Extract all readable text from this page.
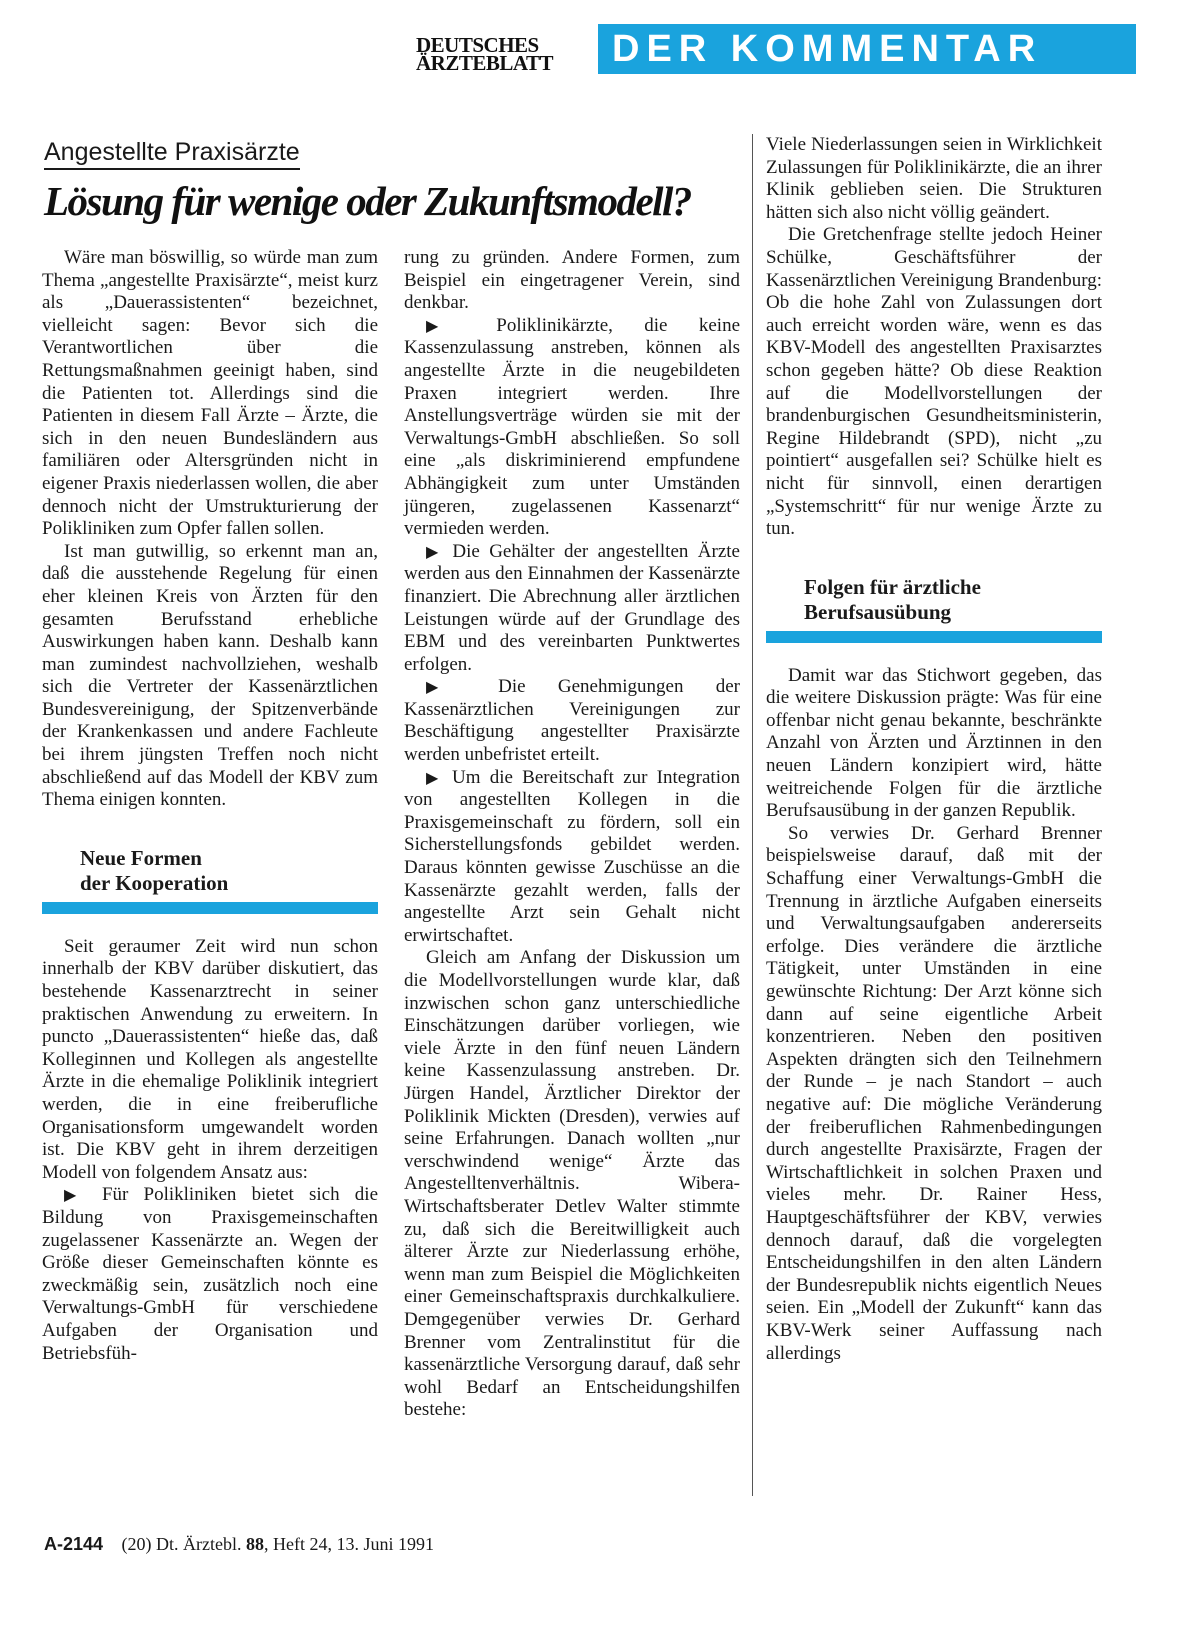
DEUTSCHES
ÄRZTEBLATT	DER KOMMENTAR
Angestellte Praxisärzte
Lösung für wenige oder Zukunftsmodell?

Wäre man böswillig, so würde man zum Thema „angestellte Praxisärzte“, meist kurz als „Dauerassistenten“ bezeichnet, vielleicht sagen: Bevor sich die Verantwortlichen über die Rettungsmaßnahmen geeinigt haben, sind die Patienten tot. Allerdings sind die Patienten in diesem Fall Ärzte – Ärzte, die sich in den neuen Bundesländern aus familiären oder Altersgründen nicht in eigener Praxis niederlassen wollen, die aber dennoch nicht der Umstrukturierung der Polikliniken zum Opfer fallen sollen.

Ist man gutwillig, so erkennt man an, daß die ausstehende Regelung für einen eher kleinen Kreis von Ärzten für den gesamten Berufsstand erhebliche Auswirkungen haben kann. Deshalb kann man zumindest nachvollziehen, weshalb sich die Vertreter der Kassenärztlichen Bundesvereinigung, der Spitzenverbände der Krankenkassen und andere Fachleute bei ihrem jüngsten Treffen noch nicht abschließend auf das Modell der KBV zum Thema einigen konnten.

Neue Formen
der Kooperation

Seit geraumer Zeit wird nun schon innerhalb der KBV darüber diskutiert, das bestehende Kassenarztrecht in seiner praktischen Anwendung zu erweitern. In puncto „Dauerassistenten“ hieße das, daß Kolleginnen und Kollegen als angestellte Ärzte in die ehemalige Poliklinik integriert werden, die in eine freiberufliche Organisationsform umgewandelt worden ist. Die KBV geht in ihrem derzeitigen Modell von folgendem Ansatz aus:

▶ Für Polikliniken bietet sich die Bildung von Praxisgemeinschaften zugelassener Kassenärzte an. Wegen der Größe dieser Gemeinschaften könnte es zweckmäßig sein, zusätzlich noch eine Verwaltungs-GmbH für verschiedene Aufgaben der Organisation und Betriebsfüh-

rung zu gründen. Andere Formen, zum Beispiel ein eingetragener Verein, sind denkbar.

▶ Poliklinikärzte, die keine Kassenzulassung anstreben, können als angestellte Ärzte in die neugebildeten Praxen integriert werden. Ihre Anstellungsverträge würden sie mit der Verwaltungs-GmbH abschließen. So soll eine „als diskriminierend empfundene Abhängigkeit zum unter Umständen jüngeren, zugelassenen Kassenarzt“ vermieden werden.

▶ Die Gehälter der angestellten Ärzte werden aus den Einnahmen der Kassenärzte finanziert. Die Abrechnung aller ärztlichen Leistungen würde auf der Grundlage des EBM und des vereinbarten Punktwertes erfolgen.

▶ Die Genehmigungen der Kassenärztlichen Vereinigungen zur Beschäftigung angestellter Praxisärzte werden unbefristet erteilt.

▶ Um die Bereitschaft zur Integration von angestellten Kollegen in die Praxisgemeinschaft zu fördern, soll ein Sicherstellungsfonds gebildet werden. Daraus könnten gewisse Zuschüsse an die Kassenärzte gezahlt werden, falls der angestellte Arzt sein Gehalt nicht erwirtschaftet.

Gleich am Anfang der Diskussion um die Modellvorstellungen wurde klar, daß inzwischen schon ganz unterschiedliche Einschätzungen darüber vorliegen, wie viele Ärzte in den fünf neuen Ländern keine Kassenzulassung anstreben. Dr. Jürgen Handel, Ärztlicher Direktor der Poliklinik Mickten (Dresden), verwies auf seine Erfahrungen. Danach wollten „nur verschwindend wenige“ Ärzte das Angestelltenverhältnis. Wibera-Wirtschaftsberater Detlev Walter stimmte zu, daß sich die Bereitwilligkeit auch älterer Ärzte zur Niederlassung erhöhe, wenn man zum Beispiel die Möglichkeiten einer Gemeinschaftspraxis durchkalkuliere. Demgegenüber verwies Dr. Gerhard Brenner vom Zentralinstitut für die kassenärztliche Versorgung darauf, daß sehr wohl Bedarf an Entscheidungshilfen bestehe:

Viele Niederlassungen seien in Wirklichkeit Zulassungen für Poliklinikärzte, die an ihrer Klinik geblieben seien. Die Strukturen hätten sich also nicht völlig geändert.

Die Gretchenfrage stellte jedoch Heiner Schülke, Geschäftsführer der Kassenärztlichen Vereinigung Brandenburg: Ob die hohe Zahl von Zulassungen dort auch erreicht worden wäre, wenn es das KBV-Modell des angestellten Praxisarztes schon gegeben hätte? Ob diese Reaktion auf die Modellvorstellungen der brandenburgischen Gesundheitsministerin, Regine Hildebrandt (SPD), nicht „zu pointiert“ ausgefallen sei? Schülke hielt es nicht für sinnvoll, einen derartigen „Systemschritt“ für nur wenige Ärzte zu tun.

Folgen für ärztliche
Berufsausübung

Damit war das Stichwort gegeben, das die weitere Diskussion prägte: Was für eine offenbar nicht genau bekannte, beschränkte Anzahl von Ärzten und Ärztinnen in den neuen Ländern konzipiert wird, hätte weitreichende Folgen für die ärztliche Berufsausübung in der ganzen Republik.

So verwies Dr. Gerhard Brenner beispielsweise darauf, daß mit der Schaffung einer Verwaltungs-GmbH die Trennung in ärztliche Aufgaben einerseits und Verwaltungsaufgaben andererseits erfolge. Dies verändere die ärztliche Tätigkeit, unter Umständen in eine gewünschte Richtung: Der Arzt könne sich dann auf seine eigentliche Arbeit konzentrieren. Neben den positiven Aspekten drängten sich den Teilnehmern der Runde – je nach Standort – auch negative auf: Die mögliche Veränderung der freiberuflichen Rahmenbedingungen durch angestellte Praxisärzte, Fragen der Wirtschaftlichkeit in solchen Praxen und vieles mehr. Dr. Rainer Hess, Hauptgeschäftsführer der KBV, verwies dennoch darauf, daß die vorgelegten Entscheidungshilfen in den alten Ländern der Bundesrepublik nichts eigentlich Neues seien. Ein „Modell der Zukunft“ kann das KBV-Werk seiner Auffassung nach allerdings

A-2144 (20) Dt. Ärztebl. 88, Heft 24, 13. Juni 1991
